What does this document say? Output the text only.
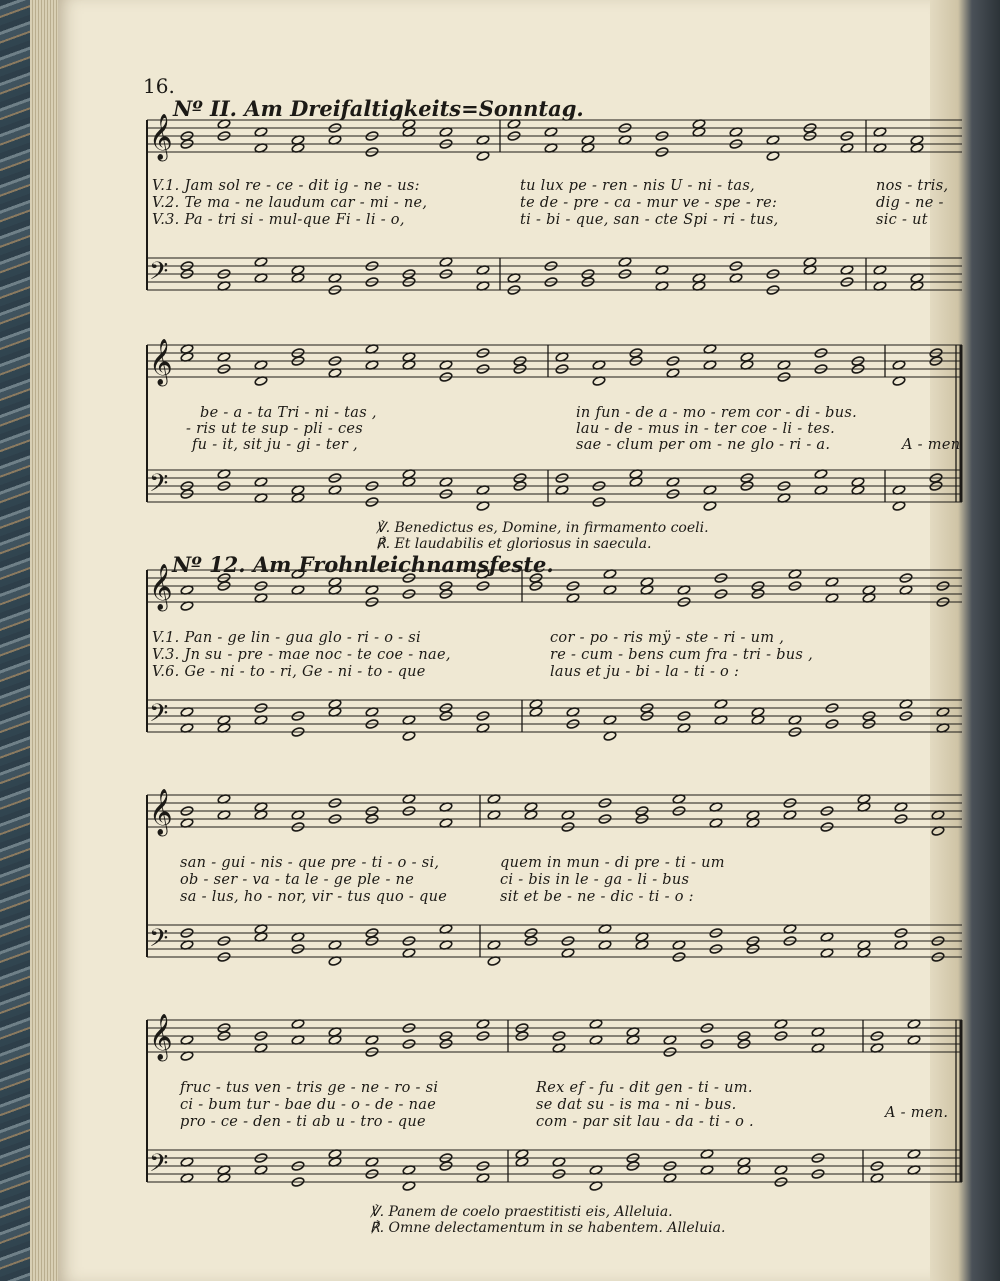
𝄞
𝄢
𝄞
𝄢
𝄞
𝄢
𝄞
𝄢
𝄞
𝄢
16.
Nº II. Am Dreifaltigkeits=Sonntag.
V.1. Jam sol re - ce - dit ig - ne - us:
V.2. Te ma - ne laudum car - mi - ne,
V.3. Pa - tri si - mul-que Fi - li - o,
tu lux pe - ren - nis U - ni - tas,
te de - pre - ca - mur ve - spe - re:
ti - bi - que, san - cte Spi - ri - tus,
nos - tris,
dig - ne -
sic - ut
be - a - ta Tri - ni - tas ,
- ris ut te sup - pli - ces
fu - it, sit ju - gi - ter ,
in fun - de a - mo - rem cor - di - bus.
lau - de - mus in - ter coe - li - tes.
sae - clum per om - ne glo - ri - a.	A - men
℣. Benedictus es, Domine, in firmamento coeli.
℟. Et laudabilis et gloriosus in saecula.
Nº 12. Am Frohnleichnamsfeste.
V.1. Pan - ge lin - gua glo - ri - o - si
V.3. Jn su - pre - mae noc - te coe - nae,
V.6. Ge - ni - to - ri, Ge - ni - to - que
cor - po - ris mÿ - ste - ri - um ,
re - cum - bens cum fra - tri - bus ,
laus et ju - bi - la - ti - o :
san - gui - nis - que pre - ti - o - si,
ob - ser - va - ta le - ge ple - ne
sa - lus, ho - nor, vir - tus quo - que
quem in mun - di pre - ti - um
ci - bis in le - ga - li - bus
sit et be - ne - dic - ti - o :
fruc - tus ven - tris ge - ne - ro - si
ci - bum tur - bae du - o - de - nae
pro - ce - den - ti ab u - tro - que
Rex ef - fu - dit gen - ti - um.
se dat su - is ma - ni - bus.
com - par sit lau - da - ti - o .
A - men.
℣. Panem de coelo praestitisti eis, Alleluia.
℟. Omne delectamentum in se habentem. Alleluia.
